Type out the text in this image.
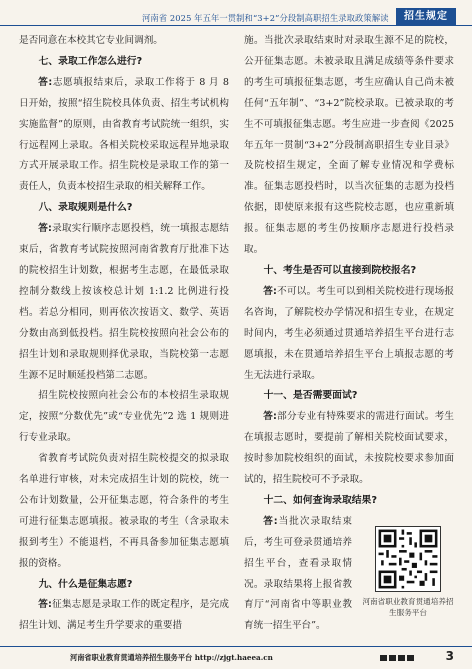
河南省 2025 年五年一贯制和“3+2”分段制高职招生录取政策解读	招生规定

是否同意在本校其它专业间调剂。

七、录取工作怎么进行?

答:志愿填报结束后，录取工作将于 8 月 8 日开始，按照“招生院校具体负责、招生考试机构实施监督”的原则，由省教育考试院统一组织，实行远程网上录取。各相关院校采取远程异地录取方式开展录取工作。招生院校是录取工作的第一责任人，负责本校招生录取的相关解释工作。

八、录取规则是什么?

答:录取实行顺序志愿投档，统一填报志愿结束后，省教育考试院按照河南省教育厅批准下达的院校招生计划数，根据考生志愿，在最低录取控制分数线上按该校总计划 1:1.2 比例进行投档。若总分相同，则再依次按语文、数学、英语分数由高到低投档。招生院校按照向社会公布的招生计划和录取规则择优录取，当院校第一志愿生源不足时顺延投档第二志愿。

招生院校按照向社会公布的本校招生录取规定，按照“分数优先”或“专业优先”2 选 1 规则进行专业录取。

省教育考试院负责对招生院校提交的拟录取名单进行审核，对未完成招生计划的院校，统一公布计划数量，公开征集志愿，符合条件的考生可进行征集志愿填报。被录取的考生（含录取未报到考生）不能退档，不再具备参加征集志愿填报的资格。

九、什么是征集志愿?

答:征集志愿是录取工作的既定程序，是完成招生计划、满足考生升学要求的重要措

施。当批次录取结束时对录取生源不足的院校，公开征集志愿。未被录取且满足成绩等条件要求的考生可填报征集志愿，考生应确认自己尚未被任何“五年制”、“3+2”院校录取。已被录取的考生不可填报征集志愿。考生应进一步查阅《2025 年五年一贯制“3+2”分段制高职招生专业目录》及院校招生规定，全面了解专业情况和学费标准。征集志愿投档时，以当次征集的志愿为投档依据，即使原来报有这些院校志愿，也应重新填报。征集志愿的考生仍按顺序志愿进行投档录取。

十、考生是否可以直接到院校报名?

答:不可以。考生可以到相关院校进行现场报名咨询，了解院校办学情况和招生专业，在规定时间内，考生必须通过贯通培养招生平台进行志愿填报，未在贯通培养招生平台上填报志愿的考生无法进行录取。

十一、是否需要面试?

答:部分专业有特殊要求的需进行面试。考生在填报志愿时，要提前了解相关院校面试要求，按时参加院校组织的面试，未按院校要求参加面试的，招生院校可不予录取。

十二、如何查询录取结果?

答:当批次录取结束后，考生可登录贯通培养招生平台，查看录取情况。录取结果将上报省教育厅“河南省中等职业教育统一招生平台”。

河南省职业教育贯通培养招生服务平台
河南省职业教育贯通培养招生服务平台 http://zjgt.haeea.cn	3
